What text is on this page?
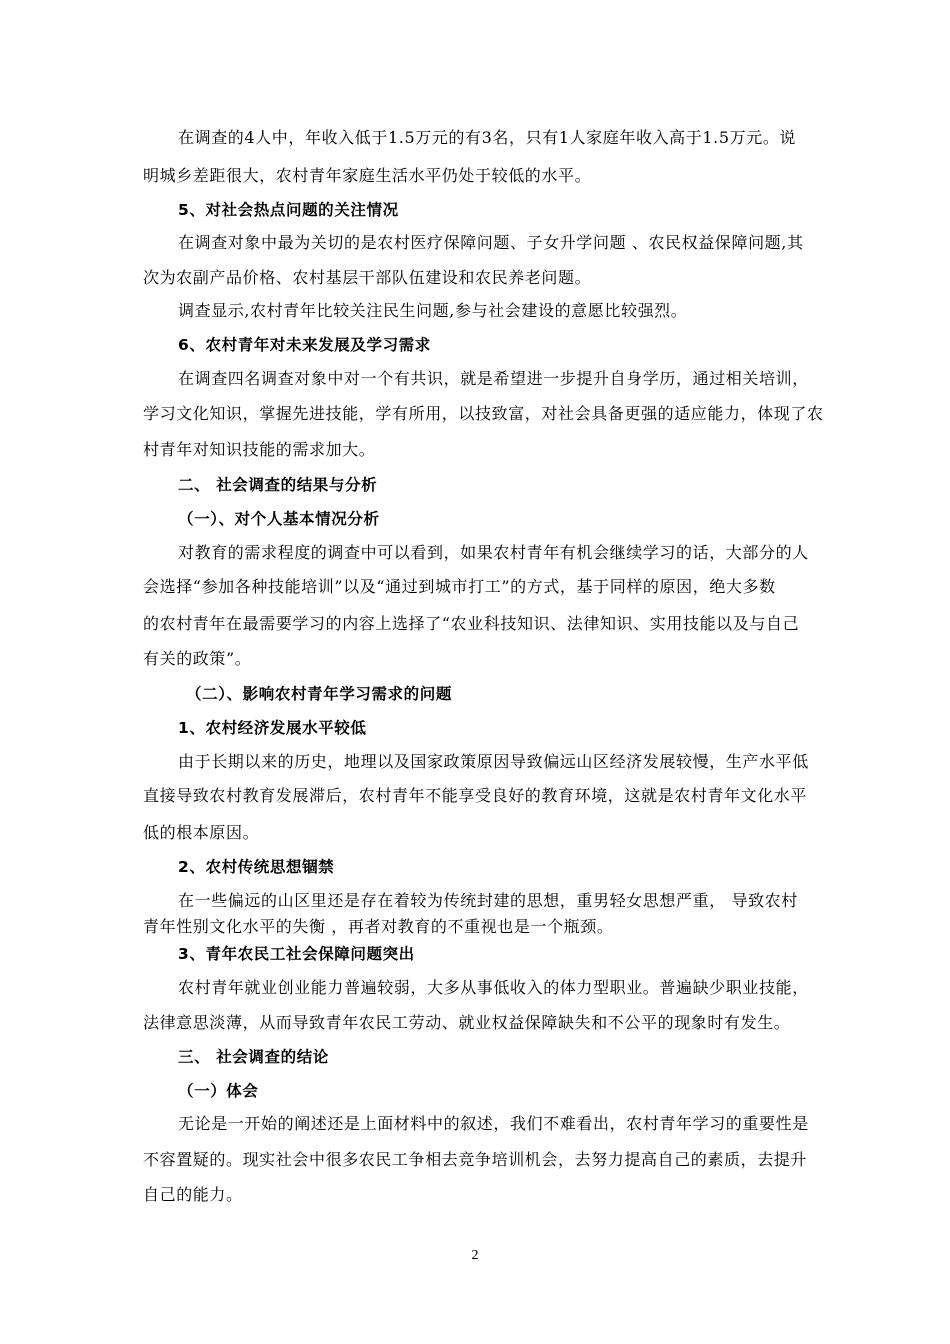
在调查的4人中，年收入低于1.5万元的有3名，只有1人家庭年收入高于1.5万元。说
明城乡差距很大，农村青年家庭生活水平仍处于较低的水平。
5、对社会热点问题的关注情况
在调查对象中最为关切的是农村医疗保障问题、子女升学问题 、农民权益保障问题,其
次为农副产品价格、农村基层干部队伍建设和农民养老问题。
调查显示,农村青年比较关注民生问题,参与社会建设的意愿比较强烈。
6、农村青年对未来发展及学习需求
在调查四名调查对象中对一个有共识，就是希望进一步提升自身学历，通过相关培训，
学习文化知识，掌握先进技能，学有所用，以技致富，对社会具备更强的适应能力，体现了农
村青年对知识技能的需求加大。
二、 社会调查的结果与分析
（一）、对个人基本情况分析
对教育的需求程度的调查中可以看到，如果农村青年有机会继续学习的话，大部分的人
会选择“参加各种技能培训”以及“通过到城市打工”的方式，基于同样的原因，绝大多数
的农村青年在最需要学习的内容上选择了“农业科技知识、法律知识、实用技能以及与自己
有关的政策”。
（二）、影响农村青年学习需求的问题
1、农村经济发展水平较低
由于长期以来的历史，地理以及国家政策原因导致偏远山区经济发展较慢，生产水平低
直接导致农村教育发展滞后，农村青年不能享受良好的教育环境，这就是农村青年文化水平
低的根本原因。
2、农村传统思想锢禁
在一些偏远的山区里还是存在着较为传统封建的思想，重男轻女思想严重， 导致农村
青年性别文化水平的失衡 ，再者对教育的不重视也是一个瓶颈。
3、青年农民工社会保障问题突出
农村青年就业创业能力普遍较弱，大多从事低收入的体力型职业。普遍缺少职业技能，
法律意思淡薄，从而导致青年农民工劳动、就业权益保障缺失和不公平的现象时有发生。
三、 社会调查的结论
（一）体会
无论是一开始的阐述还是上面材料中的叙述，我们不难看出，农村青年学习的重要性是
不容置疑的。现实社会中很多农民工争相去竞争培训机会，去努力提高自己的素质，去提升
自己的能力。
2
